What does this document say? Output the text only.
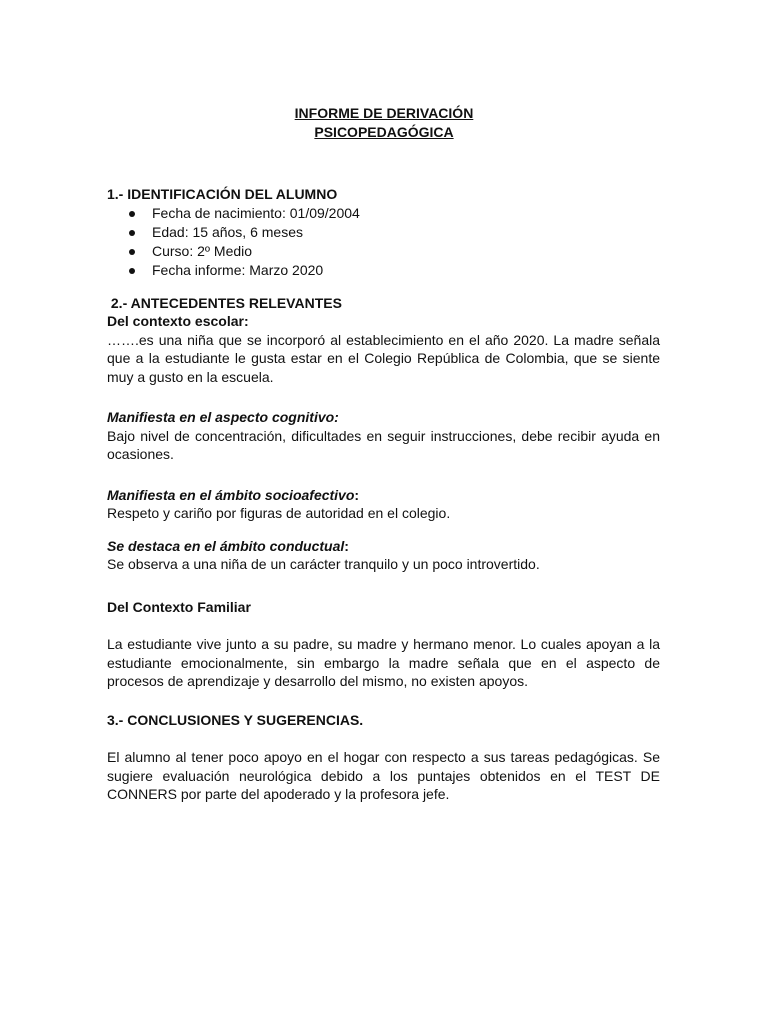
INFORME DE DERIVACIÓN
PSICOPEDAGÓGICA

1.- IDENTIFICACIÓN DEL ALUMNO

Fecha de nacimiento: 01/09/2004
Edad: 15 años, 6 meses
Curso: 2º Medio
Fecha informe: Marzo 2020

2.- ANTECEDENTES RELEVANTES

Del contexto escolar:

…….es una niña que se incorporó al establecimiento en el año 2020. La madre señala que a la estudiante le gusta estar en el Colegio República de Colombia, que se siente muy a gusto en la escuela.

Manifiesta en el aspecto cognitivo:

Bajo nivel de concentración, dificultades en seguir instrucciones, debe recibir ayuda en ocasiones.

Manifiesta en el ámbito socioafectivo:

Respeto y cariño por figuras de autoridad en el colegio.

Se destaca en el ámbito conductual:

Se observa a una niña de un carácter tranquilo y un poco introvertido.

Del Contexto Familiar

La estudiante vive junto a su padre, su madre y hermano menor. Lo cuales apoyan a la estudiante emocionalmente, sin embargo la madre señala que en el aspecto de procesos de aprendizaje y desarrollo del mismo, no existen apoyos.

3.- CONCLUSIONES Y SUGERENCIAS.

El alumno al tener poco apoyo en el hogar con respecto a sus tareas pedagógicas. Se sugiere evaluación neurológica debido a los puntajes obtenidos en el TEST DE CONNERS por parte del apoderado y la profesora jefe.
